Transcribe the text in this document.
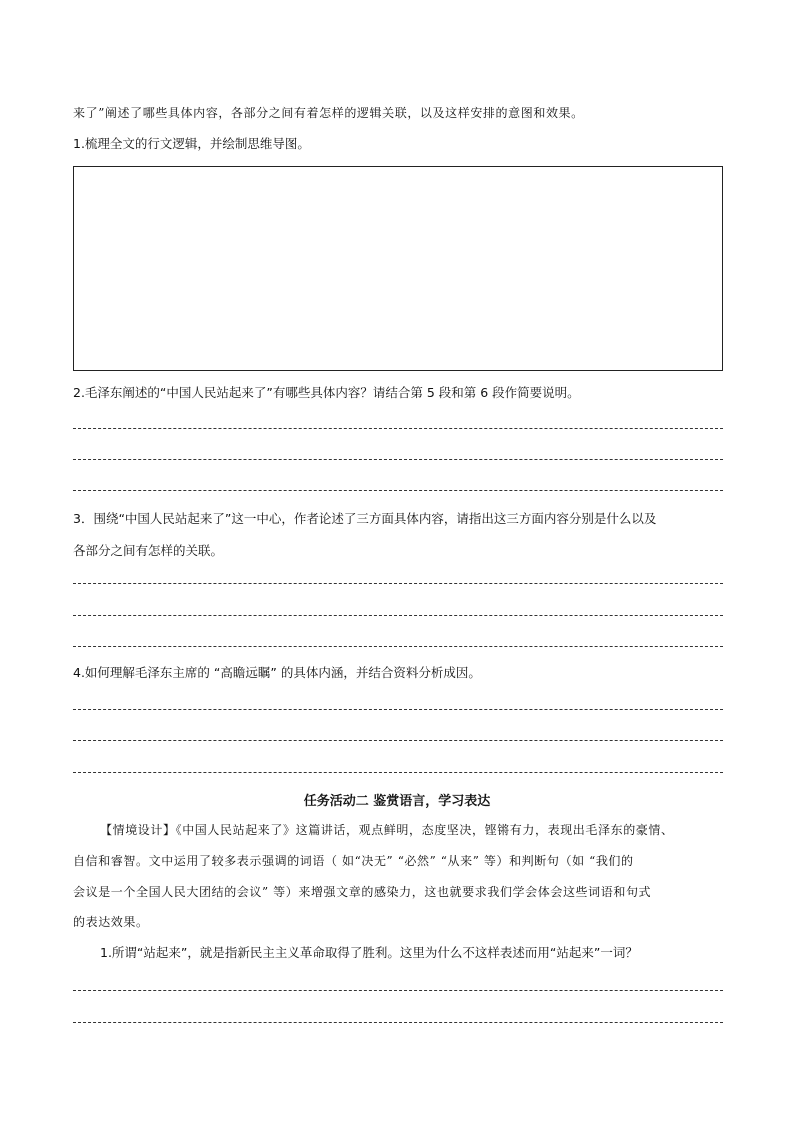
来了”阐述了哪些具体内容，各部分之间有着怎样的逻辑关联，以及这样安排的意图和效果。
1.梳理全文的行文逻辑，并绘制思维导图。
2.毛泽东阐述的“中国人民站起来了”有哪些具体内容？请结合第 5 段和第 6 段作简要说明。
3．围绕“中国人民站起来了”这一中心，作者论述了三方面具体内容，请指出这三方面内容分别是什么以及
各部分之间有怎样的关联。
4.如何理解毛泽东主席的 “高瞻远瞩” 的具体内涵，并结合资料分析成因。
任务活动二 鉴赏语言，学习表达
【情境设计】《中国人民站起来了》这篇讲话，观点鲜明，态度坚决，铿锵有力，表现出毛泽东的豪情、
自信和睿智。文中运用了较多表示强调的词语（ 如“决无” “必然” “从来” 等）和判断句（如 “我们的
会议是一个全国人民大团结的会议” 等）来增强文章的感染力，这也就要求我们学会体会这些词语和句式
的表达效果。
1.所谓“站起来”，就是指新民主主义革命取得了胜利。这里为什么不这样表述而用“站起来”一词？
